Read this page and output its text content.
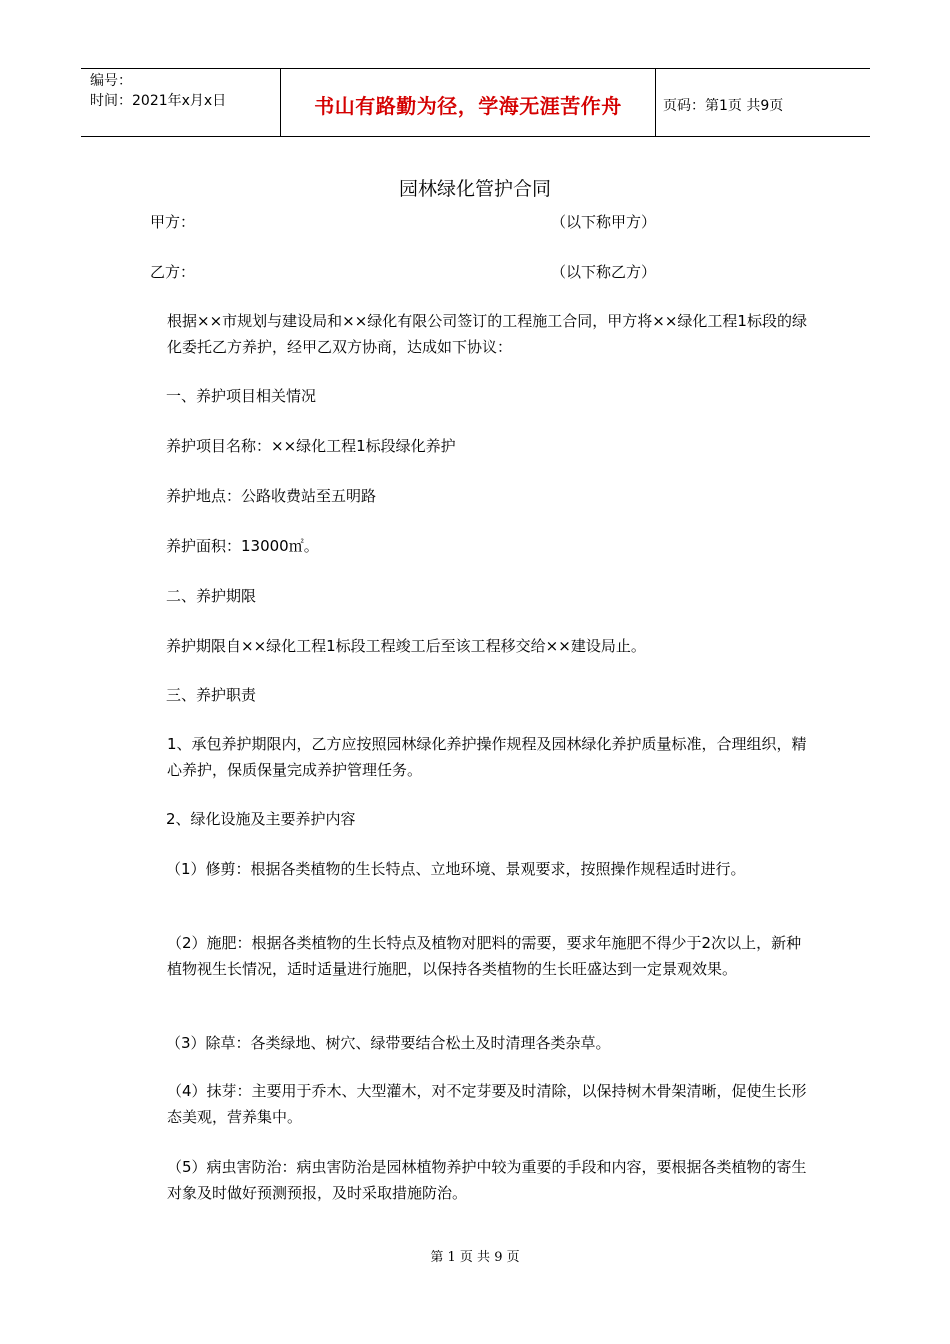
编号：
时间：2021年x月x日	书山有路勤为径，学海无涯苦作舟	页码：第1页 共9页
园林绿化管护合同
甲方：	（以下称甲方）
乙方：	（以下称乙方）
根据××市规划与建设局和××绿化有限公司签订的工程施工合同，甲方将××绿化工程1标段的绿化委托乙方养护，经甲乙双方协商，达成如下协议：
一、养护项目相关情况
养护项目名称：××绿化工程1标段绿化养护
养护地点：公路收费站至五明路
养护面积：13000㎡。
二、养护期限
养护期限自××绿化工程1标段工程竣工后至该工程移交给××建设局止。
三、养护职责
1、承包养护期限内，乙方应按照园林绿化养护操作规程及园林绿化养护质量标准，合理组织，精心养护，保质保量完成养护管理任务。
2、绿化设施及主要养护内容
（1）修剪：根据各类植物的生长特点、立地环境、景观要求，按照操作规程适时进行。
（2）施肥：根据各类植物的生长特点及植物对肥料的需要，要求年施肥不得少于2次以上，新种植物视生长情况，适时适量进行施肥，以保持各类植物的生长旺盛达到一定景观效果。
（3）除草：各类绿地、树穴、绿带要结合松土及时清理各类杂草。
（4）抹芽：主要用于乔木、大型灌木，对不定芽要及时清除，以保持树木骨架清晰，促使生长形态美观，营养集中。
（5）病虫害防治：病虫害防治是园林植物养护中较为重要的手段和内容，要根据各类植物的寄生对象及时做好预测预报，及时采取措施防治。
第 1 页 共 9 页
